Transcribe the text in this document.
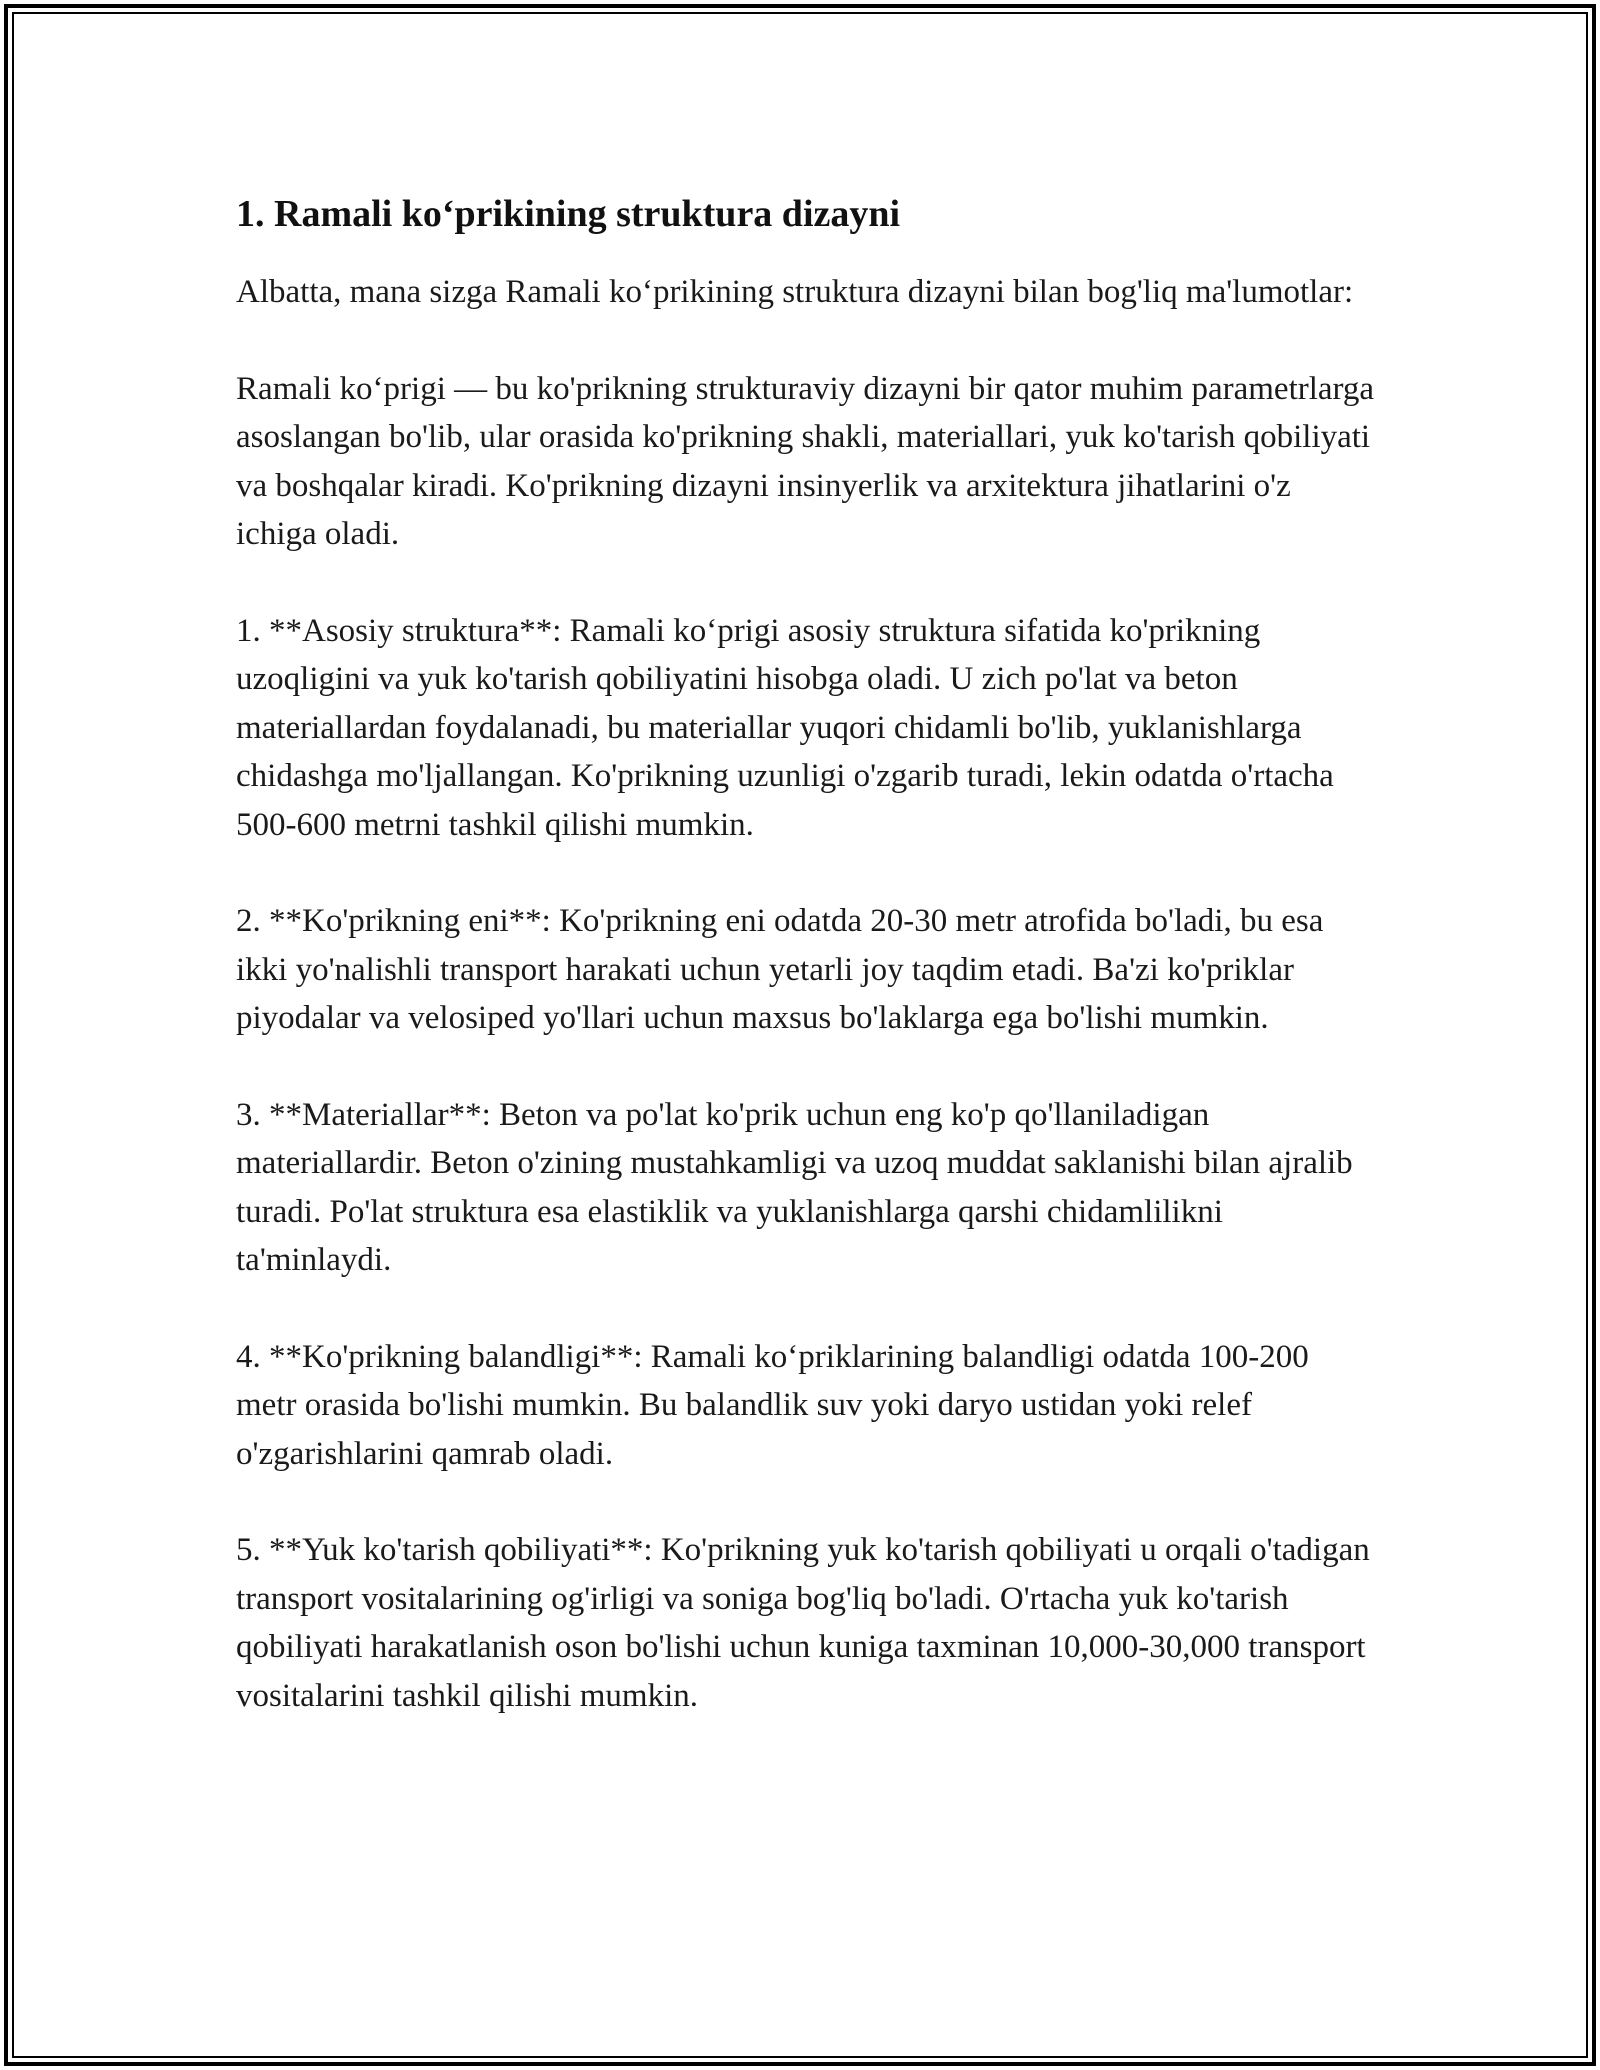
1. Ramali ko‘prikining struktura dizayni

Albatta, mana sizga Ramali ko‘prikining struktura dizayni bilan bog'liq ma'lumotlar:

Ramali ko‘prigi — bu ko'prikning strukturaviy dizayni bir qator muhim parametrlarga asoslangan bo'lib, ular orasida ko'prikning shakli, materiallari, yuk ko'tarish qobiliyati va boshqalar kiradi. Ko'prikning dizayni insinyerlik va arxitektura jihatlarini o'z ichiga oladi.

1. **Asosiy struktura**: Ramali ko‘prigi asosiy struktura sifatida ko'prikning uzoqligini va yuk ko'tarish qobiliyatini hisobga oladi. U zich po'lat va beton materiallardan foydalanadi, bu materiallar yuqori chidamli bo'lib, yuklanishlarga chidashga mo'ljallangan. Ko'prikning uzunligi o'zgarib turadi, lekin odatda o'rtacha 500-600 metrni tashkil qilishi mumkin.

2. **Ko'prikning eni**: Ko'prikning eni odatda 20-30 metr atrofida bo'ladi, bu esa ikki yo'nalishli transport harakati uchun yetarli joy taqdim etadi. Ba'zi ko'priklar piyodalar va velosiped yo'llari uchun maxsus bo'laklarga ega bo'lishi mumkin.

3. **Materiallar**: Beton va po'lat ko'prik uchun eng ko'p qo'llaniladigan materiallardir. Beton o'zining mustahkamligi va uzoq muddat saklanishi bilan ajralib turadi. Po'lat struktura esa elastiklik va yuklanishlarga qarshi chidamlilikni ta'minlaydi.

4. **Ko'prikning balandligi**: Ramali ko‘priklarining balandligi odatda 100-200 metr orasida bo'lishi mumkin. Bu balandlik suv yoki daryo ustidan yoki relef o'zgarishlarini qamrab oladi.

5. **Yuk ko'tarish qobiliyati**: Ko'prikning yuk ko'tarish qobiliyati u orqali o'tadigan transport vositalarining og'irligi va soniga bog'liq bo'ladi. O'rtacha yuk ko'tarish qobiliyati harakatlanish oson bo'lishi uchun kuniga taxminan 10,000-30,000 transport vositalarini tashkil qilishi mumkin.
